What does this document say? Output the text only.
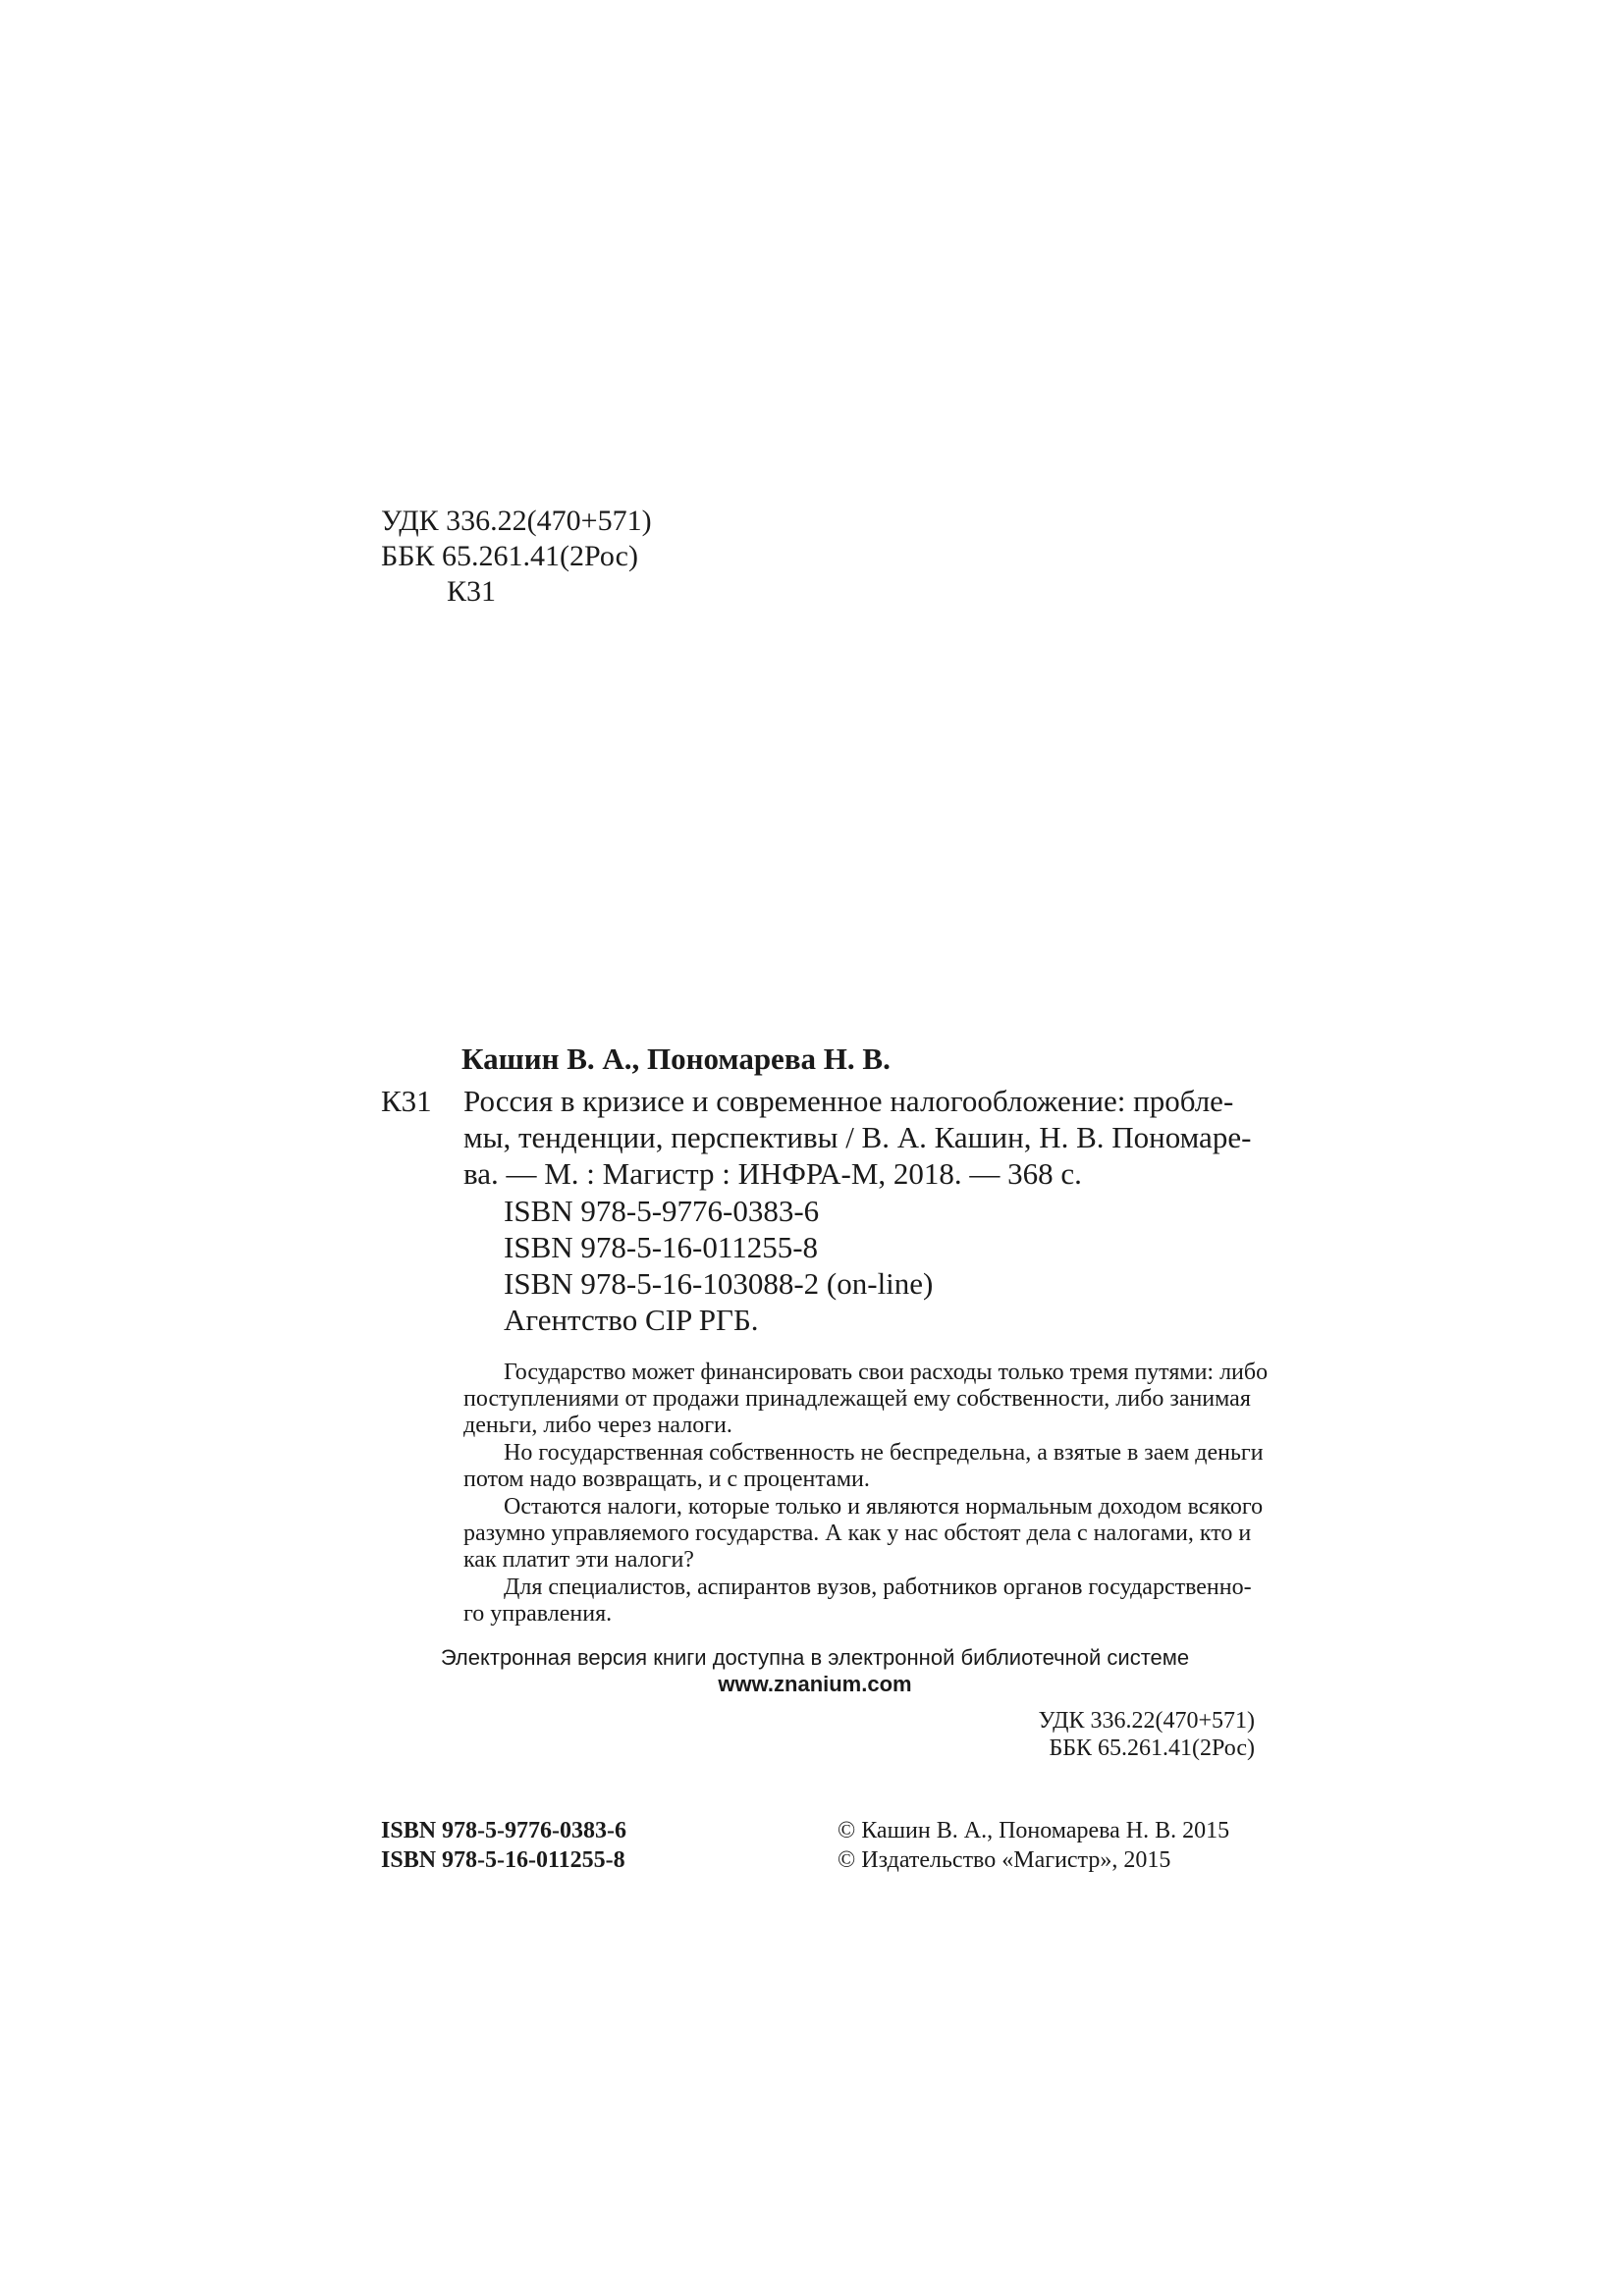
УДК 336.22(470+571)
ББК 65.261.41(2Рос)
К31
Кашин В. А., Пономарева Н. В.
К31 Россия в кризисе и современное налогообложение: пробле-
мы, тенденции, перспективы / В. А. Кашин, Н. В. Пономаре-
ва. — М. : Магистр : ИНФРА-М, 2018. — 368 с.
ISBN 978-5-9776-0383-6
ISBN 978-5-16-011255-8
ISBN 978-5-16-103088-2 (on-line)
Агентство CIP РГБ.
Государство может финансировать свои расходы только тремя путями: либо
поступлениями от продажи принадлежащей ему собственности, либо занимая
деньги, либо через налоги.
Но государственная собственность не беспредельна, а взятые в заем деньги
потом надо возвращать, и с процентами.
Остаются налоги, которые только и являются нормальным доходом всякого
разумно управляемого государства. А как у нас обстоят дела с налогами, кто и
как платит эти налоги?
Для специалистов, аспирантов вузов, работников органов государственно-
го управления.
Электронная версия книги доступна в электронной библиотечной системе
www.znanium.com
УДК 336.22(470+571)
ББК 65.261.41(2Рос)
ISBN 978-5-9776-0383-6
ISBN 978-5-16-011255-8
© Кашин В. А., Пономарева Н. В. 2015
© Издательство «Магистр», 2015
